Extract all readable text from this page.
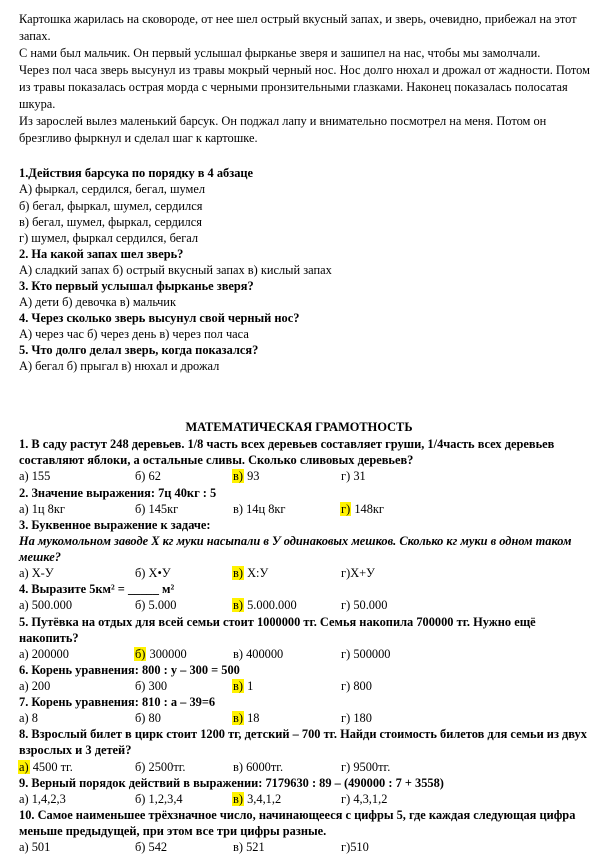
Картошка жарилась на сковороде, от нее шел острый вкусный запах, и зверь, очевидно, прибежал на этот
запах.
С нами был мальчик. Он первый услышал фырканье зверя и зашипел на нас, чтобы мы замолчали.
Через пол часа зверь высунул из травы мокрый черный нос. Нос долго нюхал и дрожал от жадности. Потом
из травы показалась острая морда с черными пронзительными глазками. Наконец показалась полосатая
шкура.
Из зарослей вылез маленький барсук. Он поджал лапу и внимательно посмотрел на меня. Потом он
брезгливо фыркнул и сделал шаг к картошке.
1.Действия барсука по порядку в 4 абзаце
А) фыркал, сердился, бегал, шумел
б) бегал, фыркал, шумел, сердился
в) бегал, шумел, фыркал, сердился
г) шумел, фыркал сердился, бегал
2. На какой запах шел зверь?
А) сладкий запах б) острый вкусный запах в) кислый запах
3. Кто первый услышал фырканье зверя?
А) дети б) девочка в) мальчик
4. Через сколько зверь высунул свой черный нос?
А) через час б) через день в) через пол часа
5. Что долго делал зверь, когда показался?
А) бегал б) прыгал в) нюхал и дрожал
МАТЕМАТИЧЕСКАЯ ГРАМОТНОСТЬ
1. В саду растут 248 деревьев. 1/8 часть всех деревьев составляет груши, 1/4часть всех деревьев
составляют яблоки, а остальные сливы. Сколько сливовых деревьев?
а) 155	б) 62	в) 93	г) 31
2. Значение выражения: 7ц 40кг : 5
а) 1ц 8кг	б) 145кг	в) 14ц 8кг	г) 148кг
3. Буквенное выражение к задаче:
На мукомольном заводе X кг муки насыпали в У одинаковых мешков. Сколько кг муки в одном таком
мешке?
а) Х-У	б) Х•У	в) Х:У	г)Х+У
4. Выразите 5км² = _____ м²
а) 500.000	б) 5.000	в) 5.000.000	г) 50.000
5. Путёвка на отдых для всей семьи стоит 1000000 тг. Семья накопила 700000 тг. Нужно ещё
накопить?
а) 200000	б) 300000	в) 400000	г) 500000
6. Корень уравнения: 800 : у – 300 = 500
а) 200	б) 300	в) 1	г) 800
7. Корень уравнения: 810 : а – 39=6
а) 8	б) 80	в) 18	г) 180
8. Взрослый билет в цирк стоит 1200 тг, детский – 700 тг. Найди стоимость билетов для семьи из двух
взрослых и 3 детей?
а) 4500 тг.	б) 2500тг.	в) 6000тг.	г) 9500тг.
9. Верный порядок действий в выражении: 7179630 : 89 – (490000 : 7 + 3558)
а) 1,4,2,3	б) 1,2,3,4	в) 3,4,1,2	г) 4,3,1,2
10. Самое наименьшее трёхзначное число, начинающееся с цифры 5, где каждая следующая цифра
меньше предыдущей, при этом все три цифры разные.
а) 501	б) 542	в) 521	г)510
